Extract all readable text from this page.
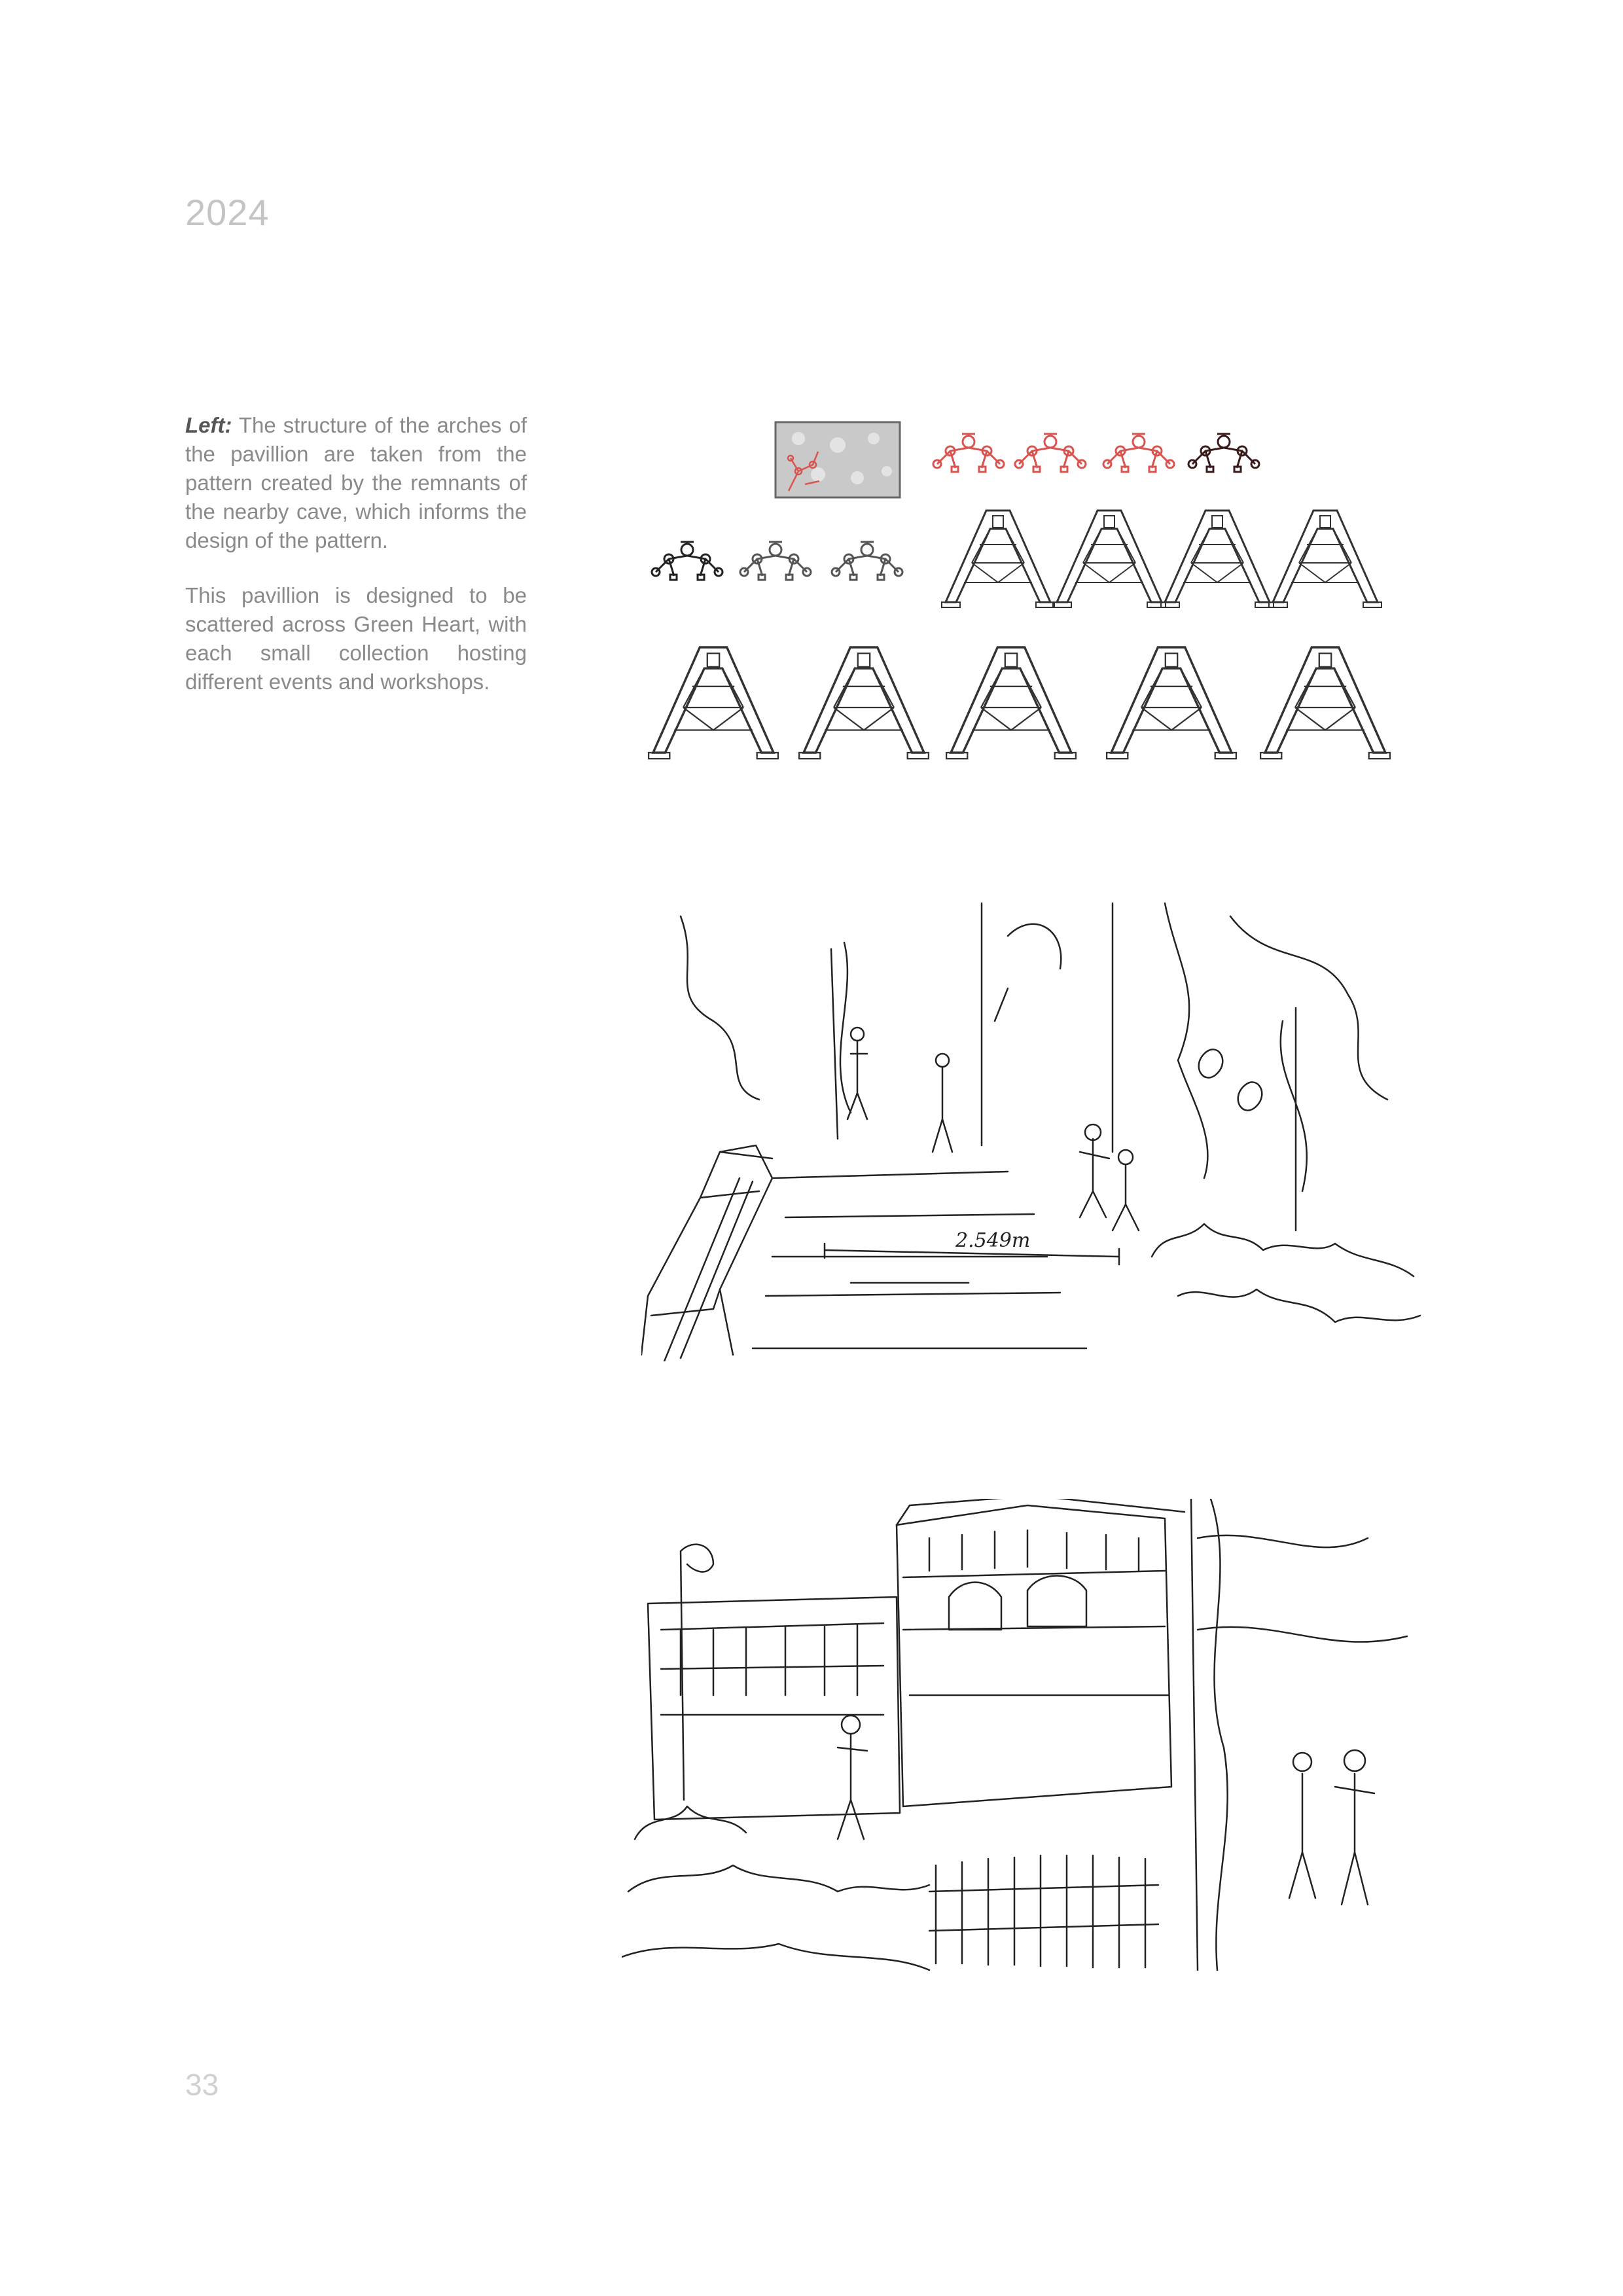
2024

Left: The structure of the arches of the pavillion are taken from the pattern created by the remnants of the nearby cave, which informs the design of the pattern.

This pavillion is designed to be scattered across Green Heart, with each small collection hosting different events and workshops.

2.549m
33
